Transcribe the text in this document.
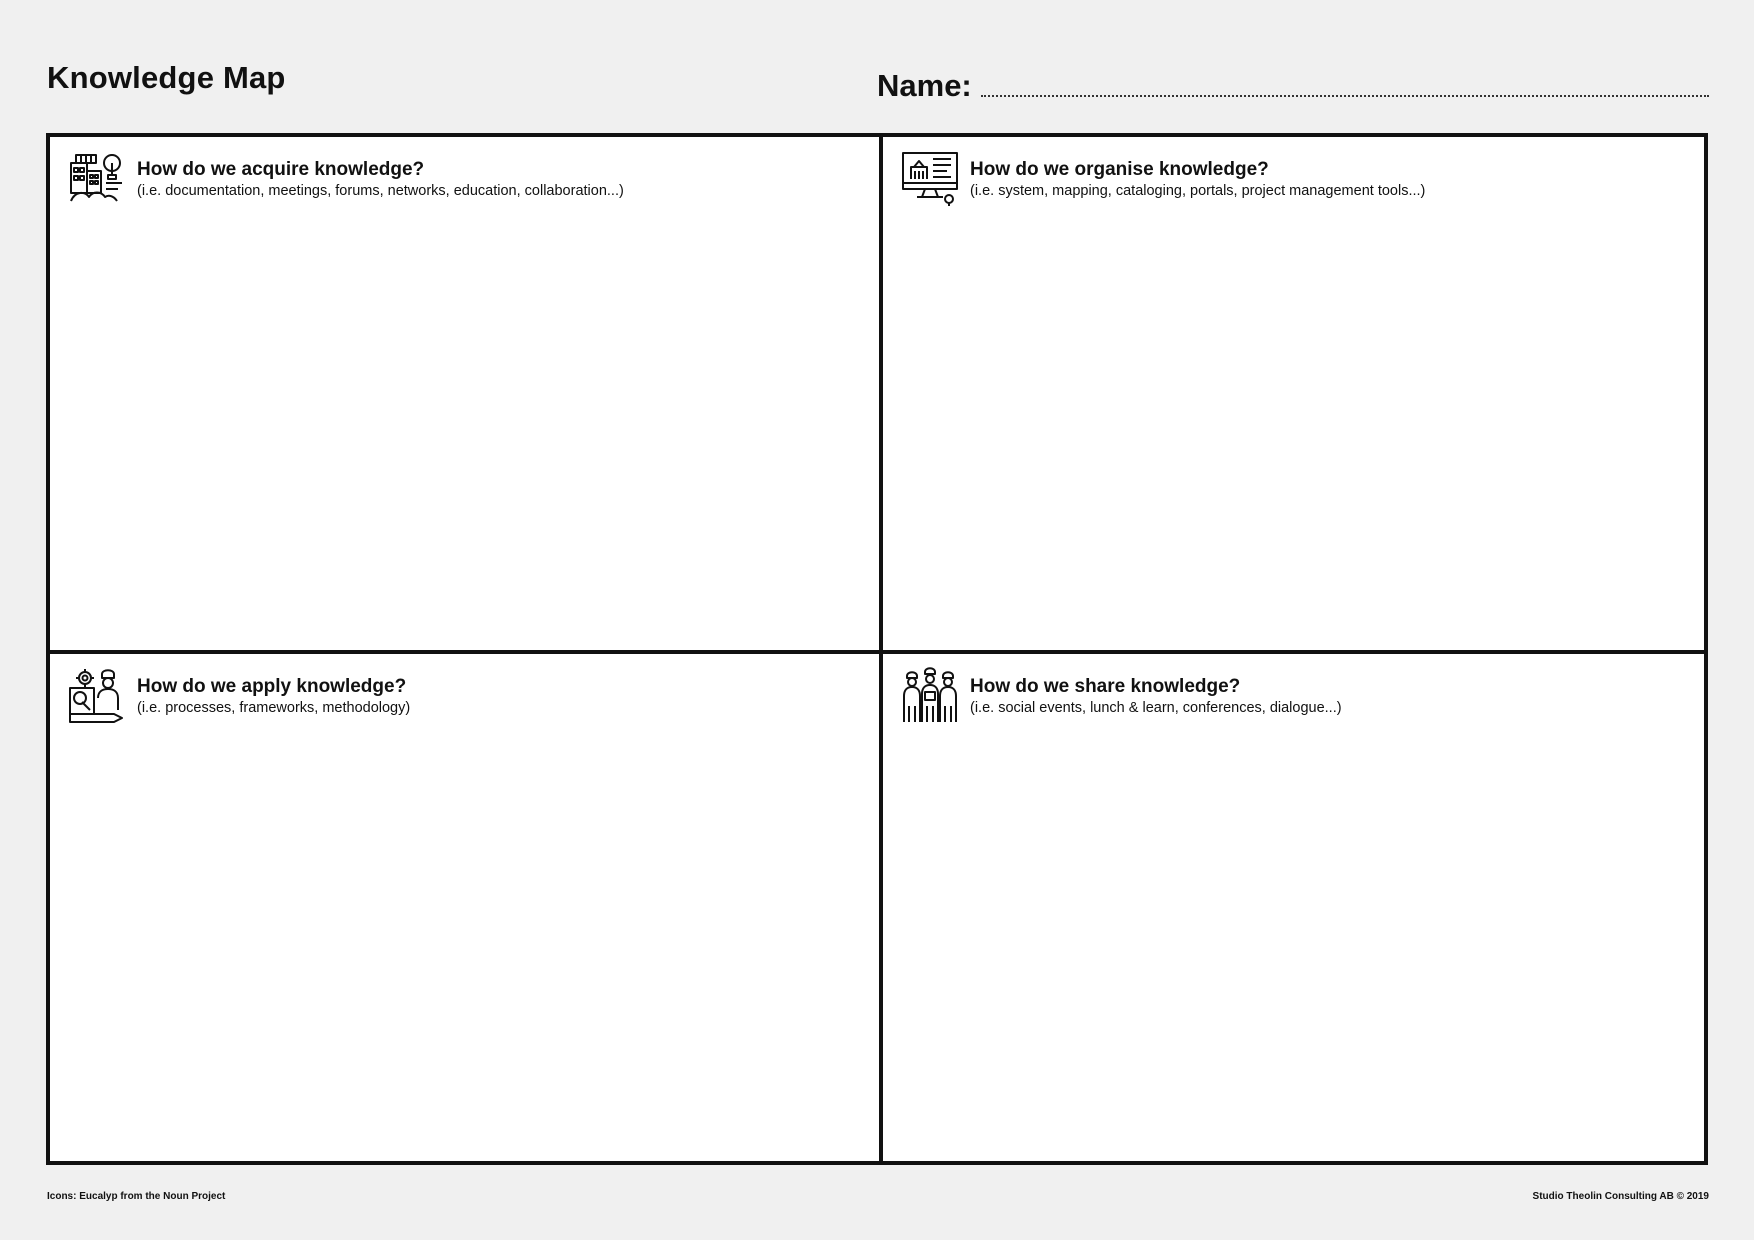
Knowledge Map	Name:
How do we acquire knowledge?
(i.e. documentation, meetings, forums, networks, education, collaboration...)
How do we organise knowledge?
(i.e. system, mapping, cataloging, portals, project management tools...)
How do we apply knowledge?
(i.e. processes, frameworks, methodology)
How do we share knowledge?
(i.e. social events, lunch & learn, conferences, dialogue...)
Icons: Eucalyp from the Noun Project	Studio Theolin Consulting AB © 2019
